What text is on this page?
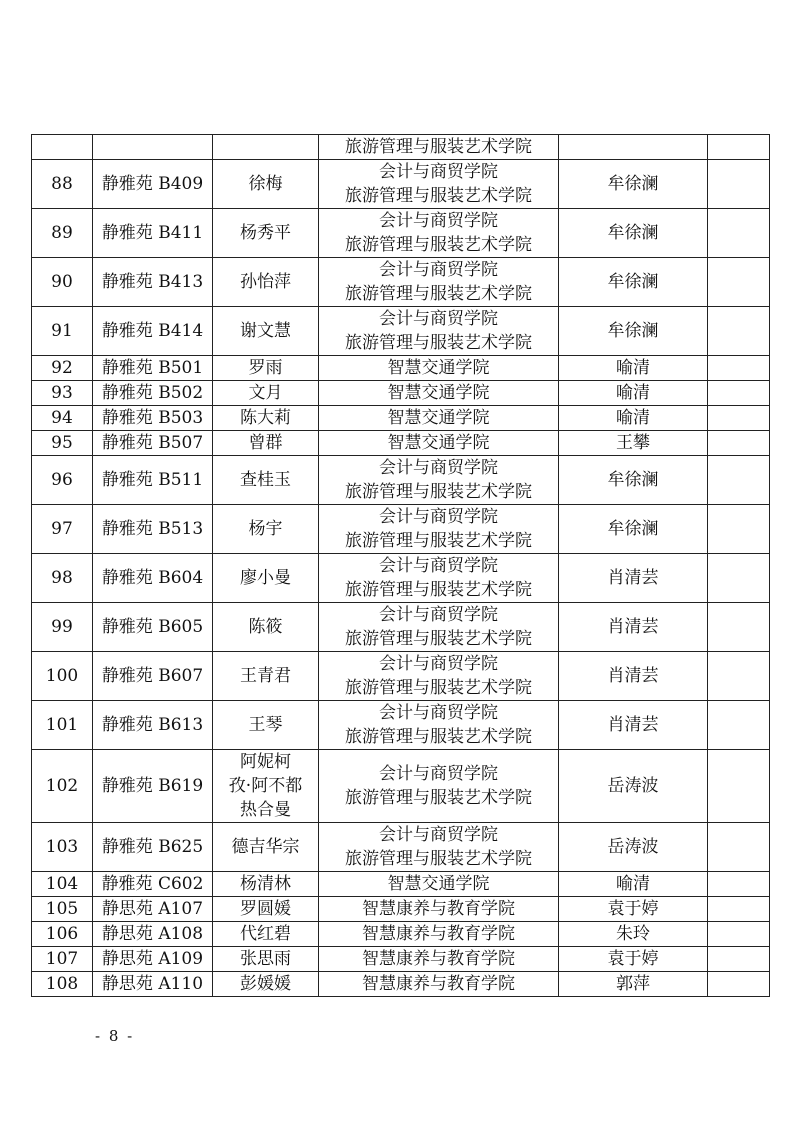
			旅游管理与服装艺术学院		

88	静雅苑 B409	徐梅	会计与商贸学院
旅游管理与服装艺术学院	牟徐澜	
89	静雅苑 B411	杨秀平	会计与商贸学院
旅游管理与服装艺术学院	牟徐澜	
90	静雅苑 B413	孙怡萍	会计与商贸学院
旅游管理与服装艺术学院	牟徐澜	
91	静雅苑 B414	谢文慧	会计与商贸学院
旅游管理与服装艺术学院	牟徐澜	
92	静雅苑 B501	罗雨	智慧交通学院	喻清	
93	静雅苑 B502	文月	智慧交通学院	喻清	
94	静雅苑 B503	陈大莉	智慧交通学院	喻清	
95	静雅苑 B507	曾群	智慧交通学院	王攀	
96	静雅苑 B511	查桂玉	会计与商贸学院
旅游管理与服装艺术学院	牟徐澜	
97	静雅苑 B513	杨宇	会计与商贸学院
旅游管理与服装艺术学院	牟徐澜	
98	静雅苑 B604	廖小曼	会计与商贸学院
旅游管理与服装艺术学院	肖清芸	
99	静雅苑 B605	陈筱	会计与商贸学院
旅游管理与服装艺术学院	肖清芸	
100	静雅苑 B607	王青君	会计与商贸学院
旅游管理与服装艺术学院	肖清芸	
101	静雅苑 B613	王琴	会计与商贸学院
旅游管理与服装艺术学院	肖清芸	
102	静雅苑 B619	阿妮柯
孜·阿不都
热合曼	会计与商贸学院
旅游管理与服装艺术学院	岳涛波	
103	静雅苑 B625	德吉华宗	会计与商贸学院
旅游管理与服装艺术学院	岳涛波	
104	静雅苑 C602	杨清林	智慧交通学院	喻清	
105	静思苑 A107	罗圆媛	智慧康养与教育学院	袁于婷	
106	静思苑 A108	代红碧	智慧康养与教育学院	朱玲	
107	静思苑 A109	张思雨	智慧康养与教育学院	袁于婷	
108	静思苑 A110	彭媛媛	智慧康养与教育学院	郭萍	
- 8 -
